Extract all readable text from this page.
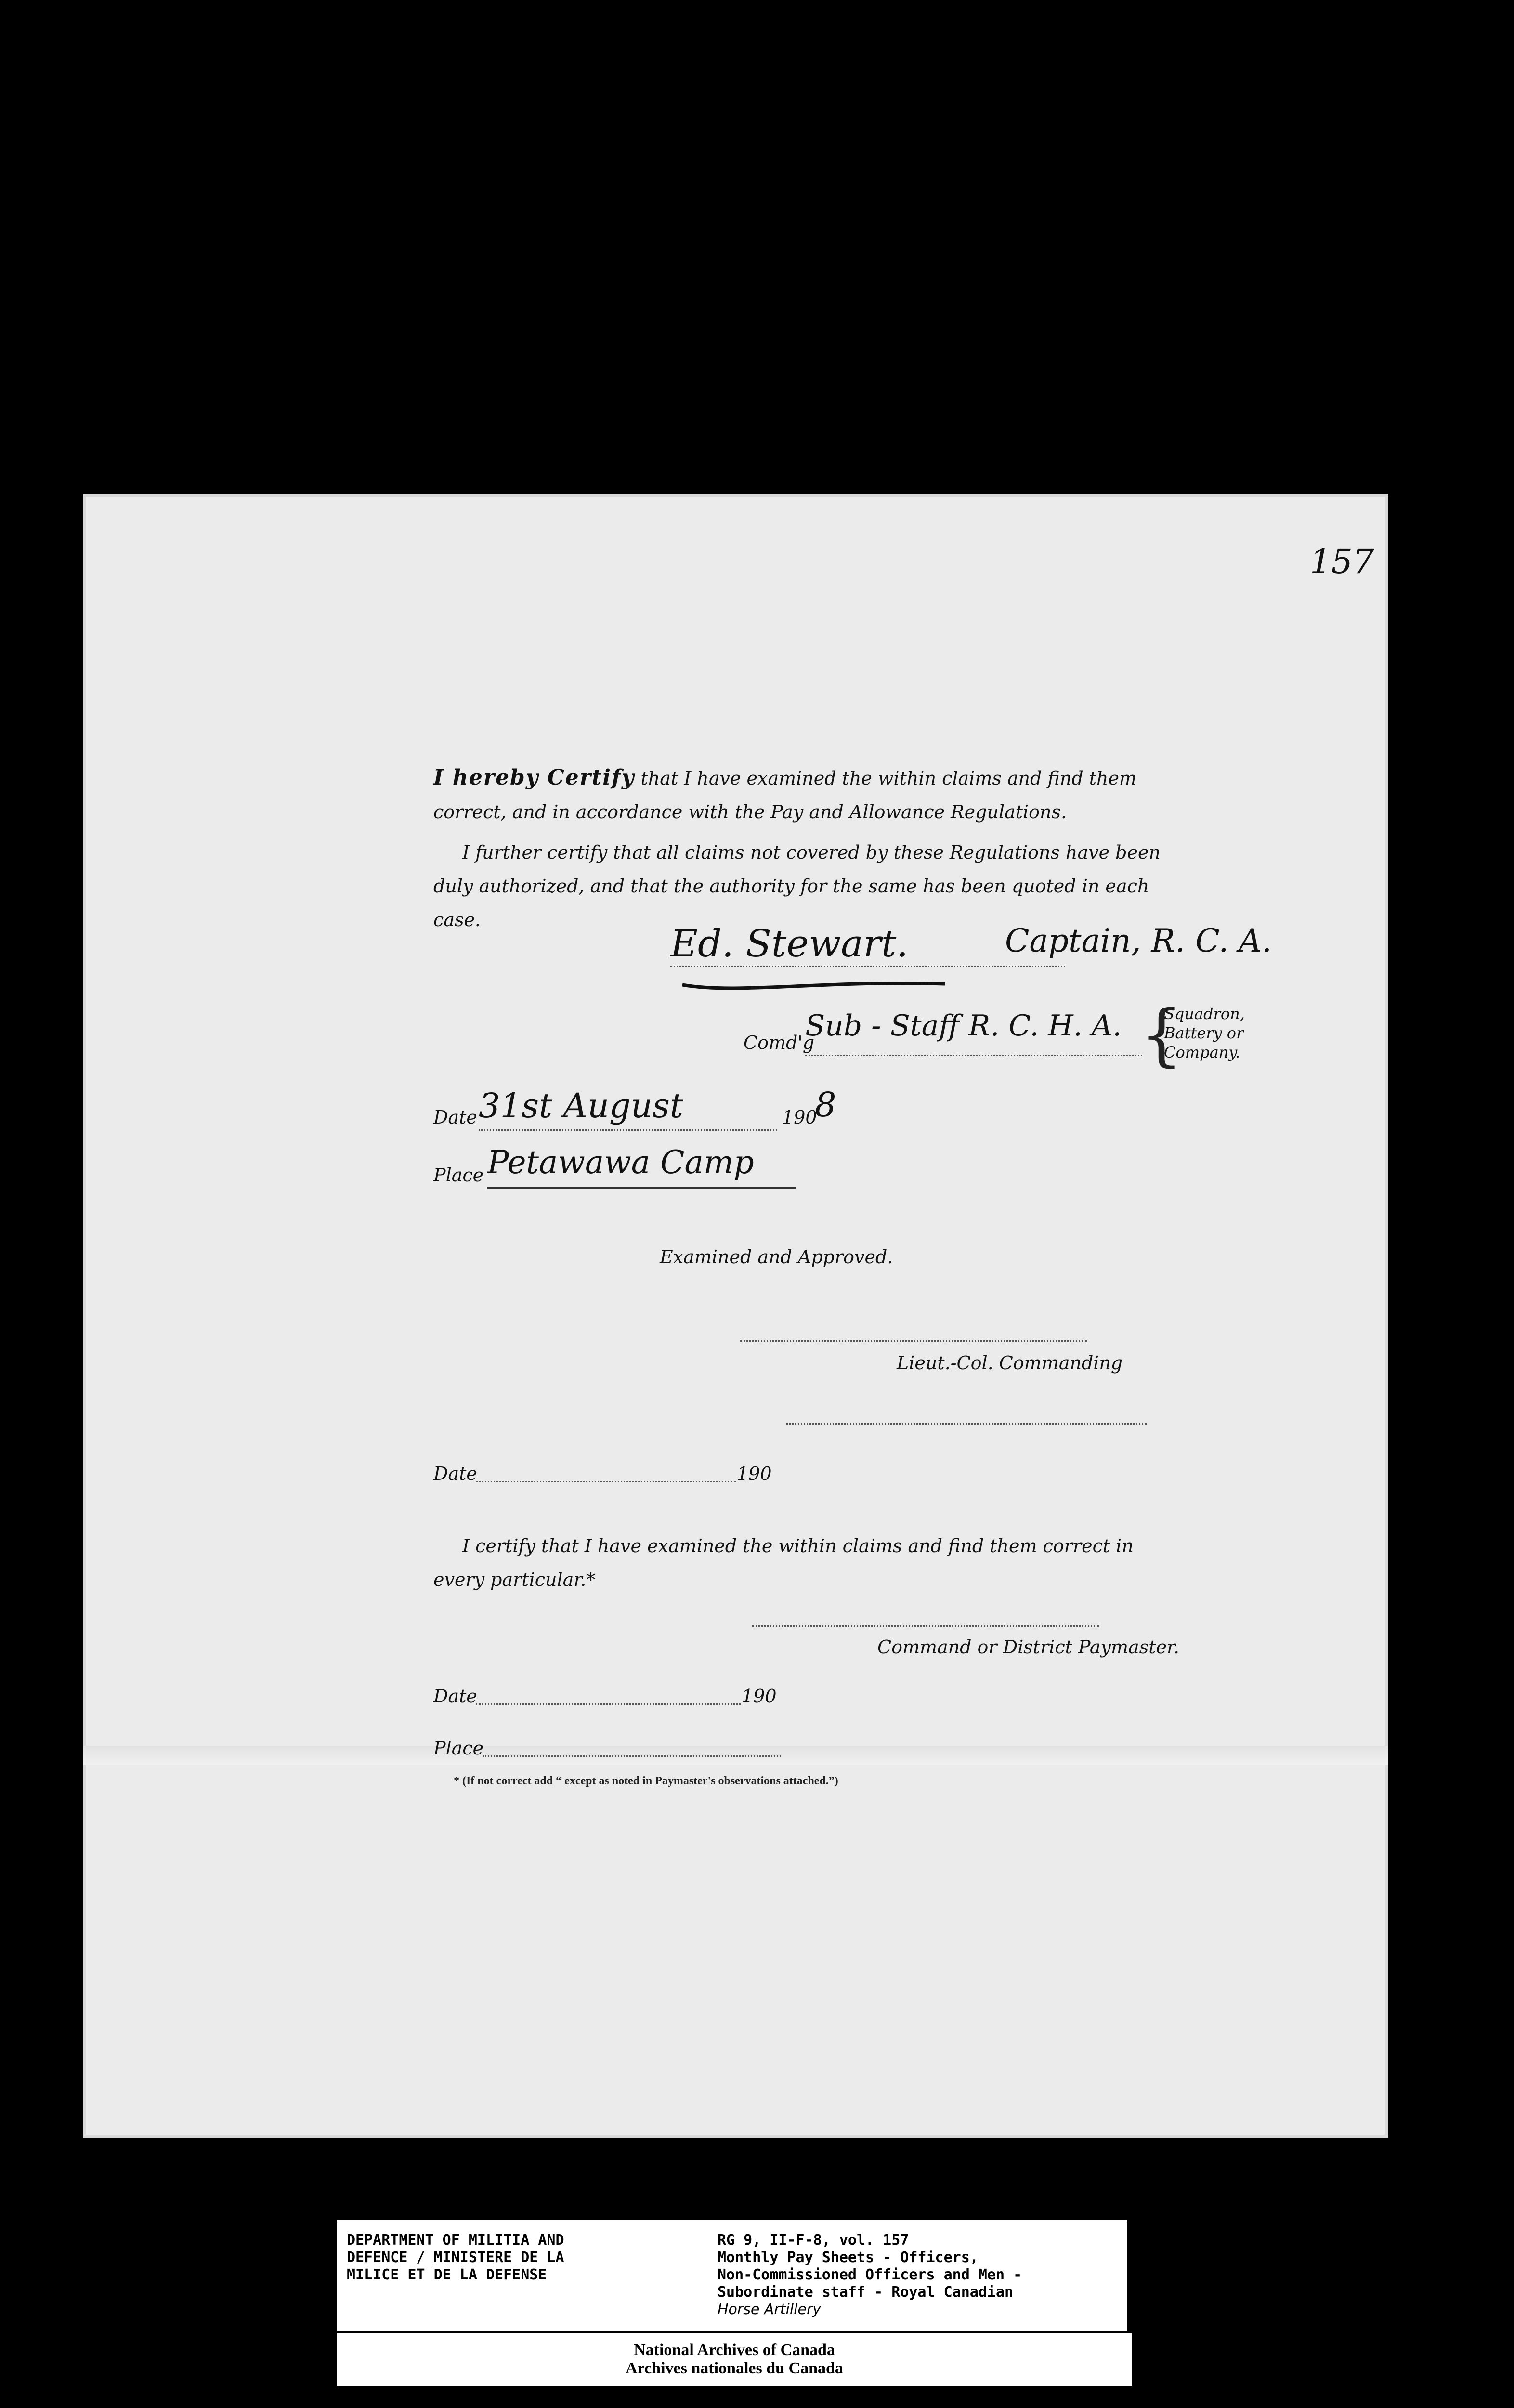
157
I hereby Certify that I have examined the within claims and find them
correct, and in accordance with the Pay and Allowance Regulations.
I further certify that all claims not covered by these Regulations have been
duly authorized, and that the authority for the same has been quoted in each
case.
Ed. Stewart.	Captain, R. C. A.
Comd'g
Sub - Staff R. C. H. A. {
Squadron,
Battery or
Company.
Date 31st August	190
8
Place Petawawa Camp
Examined and Approved.
Lieut.-Col. Commanding
Date	190
I certify that I have examined the within claims and find them correct in
every particular.*
Command or District Paymaster.
Date	190
Place
* (If not correct add “ except as noted in Paymaster's observations attached.”)
DEPARTMENT OF MILITIA AND
DEFENCE / MINISTERE DE LA
MILICE ET DE LA DEFENSE
RG 9, II-F-8, vol. 157
Monthly Pay Sheets - Officers,
Non-Commissioned Officers and Men -
Subordinate staff - Royal Canadian
Horse Artillery
National Archives of Canada
Archives nationales du Canada
